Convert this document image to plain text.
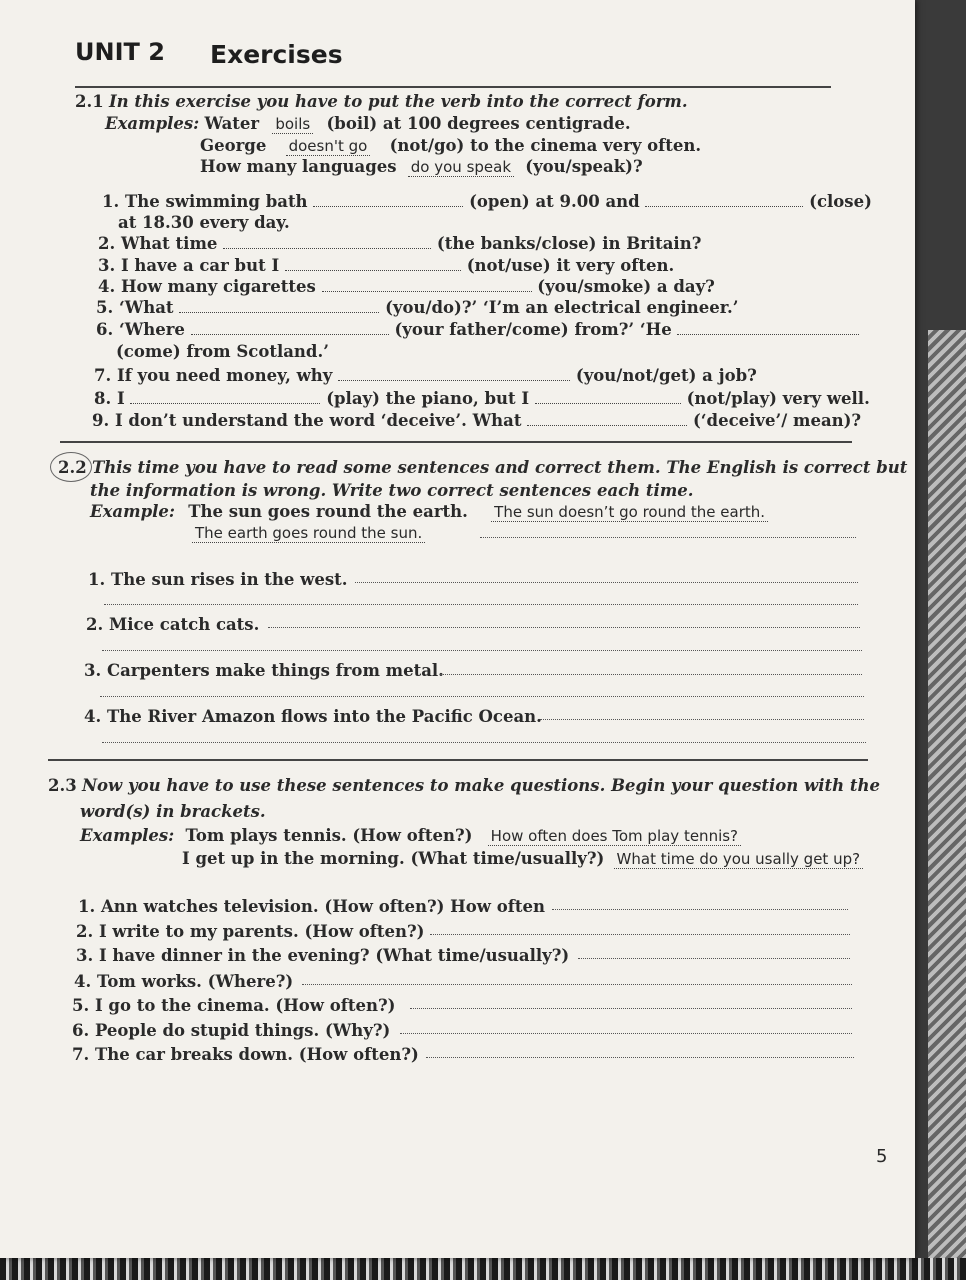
UNIT 2 Exercises
2.1 In this exercise you have to put the verb into the correct form.
Examples: Water boils (boil) at 100 degrees centigrade.
George doesn't go (not/go) to the cinema very often.
How many languages do you speak (you/speak)?
1. The swimming bath	(open) at 9.00 and	(close)
at 18.30 every day.
2. What time	(the banks/close) in Britain?
3. I have a car but I	(not/use) it very often.
4. How many cigarettes	(you/smoke) a day?
5. ‘What	(you/do)?’ ‘I’m an electrical engineer.’
6. ‘Where	(your father/come) from?’ ‘He
(come) from Scotland.’
7. If you need money, why	(you/not/get) a job?
8. I	(play) the piano, but I	(not/play) very well.
9. I don’t understand the word ‘deceive’. What	(‘deceive’/ mean)?
2.2 This time you have to read some sentences and correct them. The English is correct but
the information is wrong. Write two correct sentences each time.
Example: The sun goes round the earth. The sun doesn’t go round the earth.
The earth goes round the sun.
1. The sun rises in the west.
2. Mice catch cats.
3. Carpenters make things from metal.
4. The River Amazon flows into the Pacific Ocean.
2.3 Now you have to use these sentences to make questions. Begin your question with the
word(s) in brackets.
Examples: Tom plays tennis. (How often?) How often does Tom play tennis?
I get up in the morning. (What time/usually?) What time do you usally get up?
1. Ann watches television. (How often?) How often
2. I write to my parents. (How often?)
3. I have dinner in the evening? (What time/usually?)
4. Tom works. (Where?)
5. I go to the cinema. (How often?)
6. People do stupid things. (Why?)
7. The car breaks down. (How often?)
5
